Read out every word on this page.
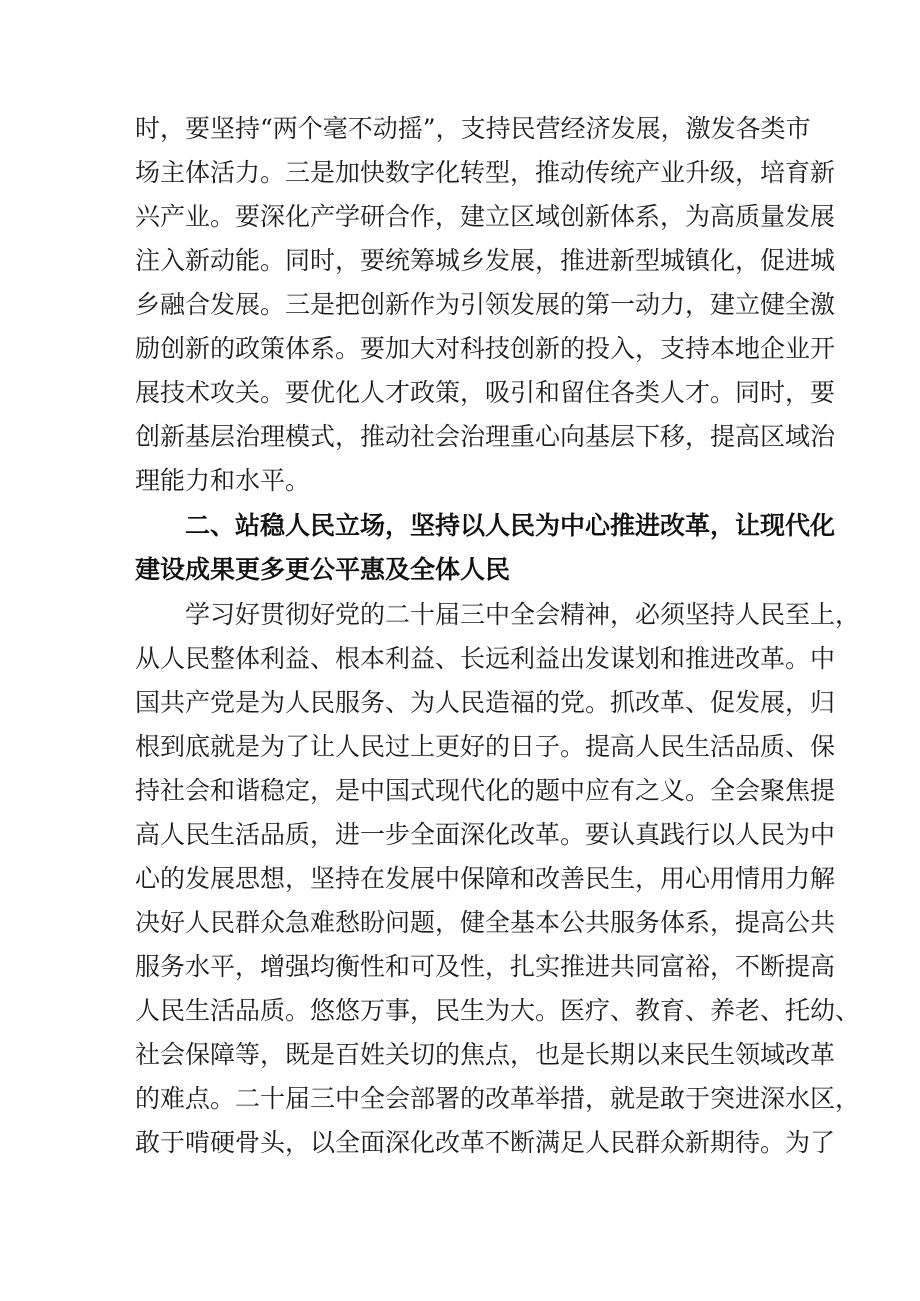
时，要坚持“两个毫不动摇”，支持民营经济发展，激发各类市
场主体活力。三是加快数字化转型，推动传统产业升级，培育新
兴产业。要深化产学研合作，建立区域创新体系，为高质量发展
注入新动能。同时，要统筹城乡发展，推进新型城镇化，促进城
乡融合发展。三是把创新作为引领发展的第一动力，建立健全激
励创新的政策体系。要加大对科技创新的投入，支持本地企业开
展技术攻关。要优化人才政策，吸引和留住各类人才。同时，要
创新基层治理模式，推动社会治理重心向基层下移，提高区域治
理能力和水平。
二、站稳人民立场，坚持以人民为中心推进改革，让现代化
建设成果更多更公平惠及全体人民
学习好贯彻好党的二十届三中全会精神，必须坚持人民至上，
从人民整体利益、根本利益、长远利益出发谋划和推进改革。中
国共产党是为人民服务、为人民造福的党。抓改革、促发展，归
根到底就是为了让人民过上更好的日子。提高人民生活品质、保
持社会和谐稳定，是中国式现代化的题中应有之义。全会聚焦提
高人民生活品质，进一步全面深化改革。要认真践行以人民为中
心的发展思想，坚持在发展中保障和改善民生，用心用情用力解
决好人民群众急难愁盼问题，健全基本公共服务体系，提高公共
服务水平，增强均衡性和可及性，扎实推进共同富裕，不断提高
人民生活品质。悠悠万事，民生为大。医疗、教育、养老、托幼、
社会保障等，既是百姓关切的焦点，也是长期以来民生领域改革
的难点。二十届三中全会部署的改革举措，就是敢于突进深水区，
敢于啃硬骨头，以全面深化改革不断满足人民群众新期待。为了
